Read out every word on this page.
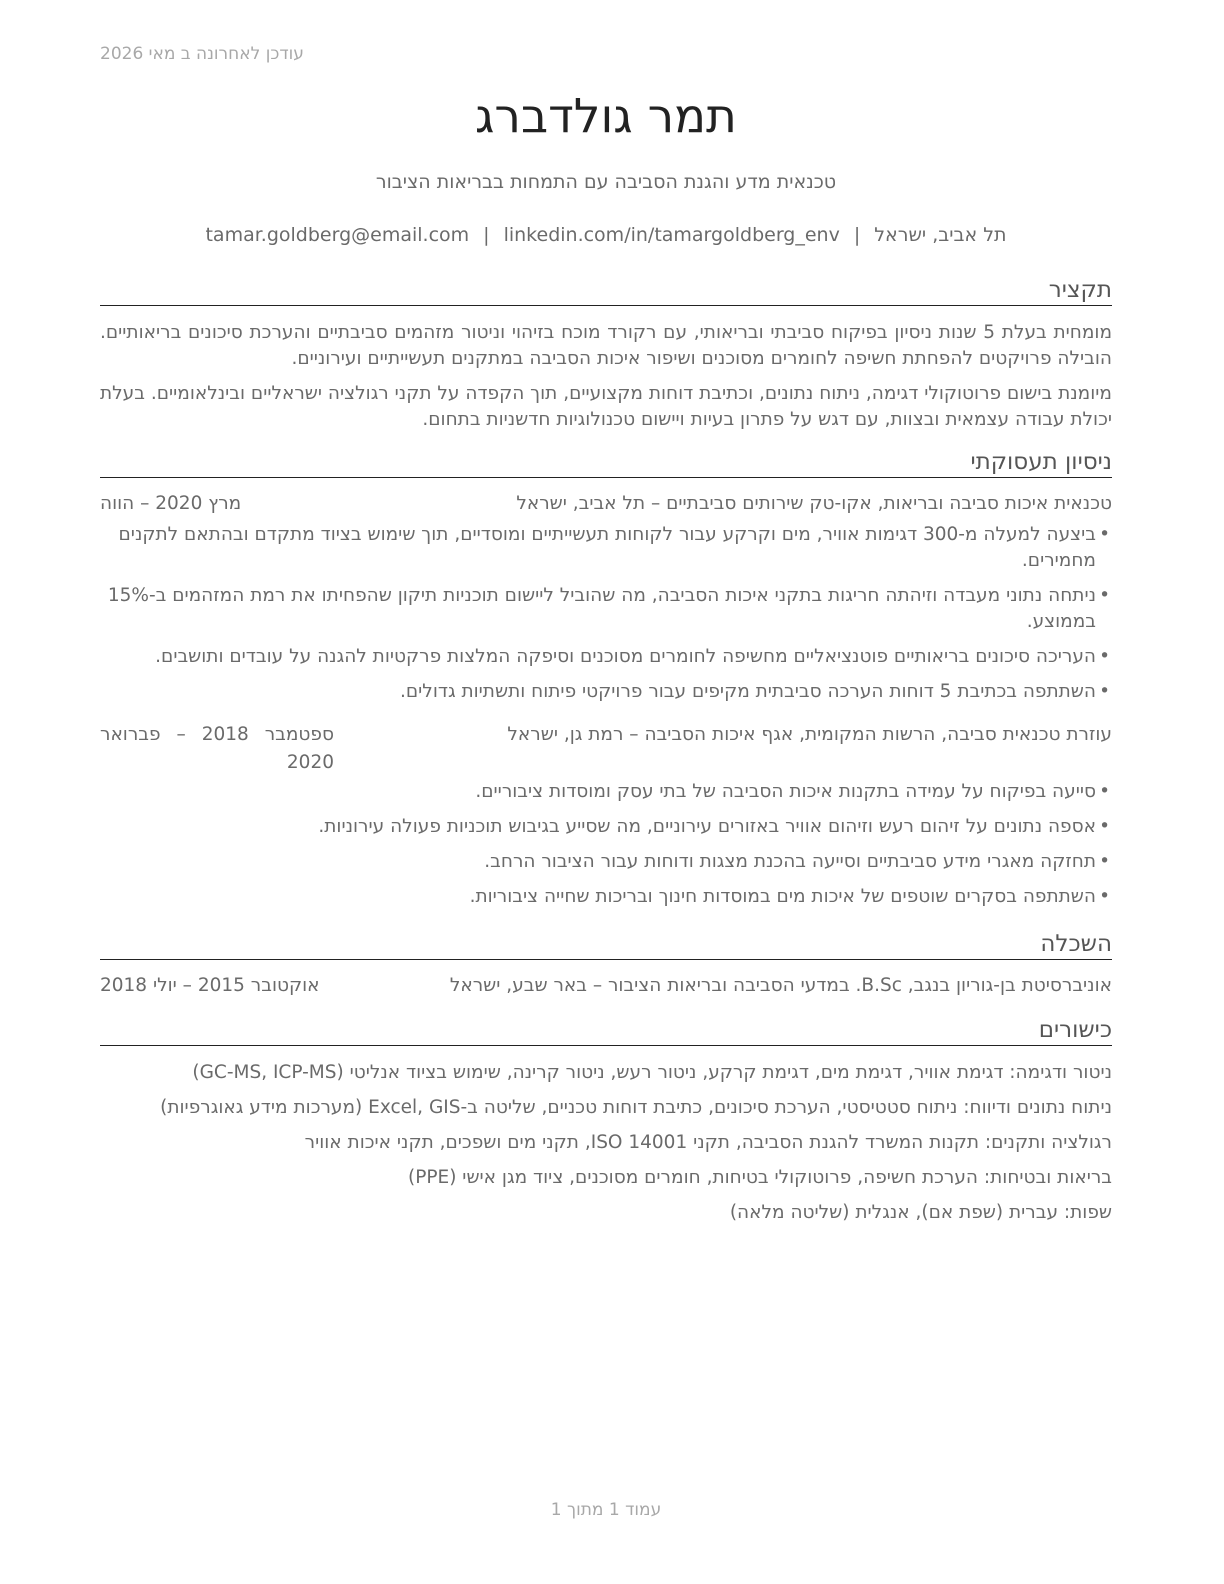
עודכן לאחרונה ב מאי 2026
תמר גולדברג
טכנאית מדע והגנת הסביבה עם התמחות בבריאות הציבור
תל אביב, ישראל|tamar.goldberg@email.com | linkedin.com/in/tamargoldberg_env
תקציר

מומחית בעלת 5 שנות ניסיון בפיקוח סביבתי ובריאותי, עם רקורד מוכח בזיהוי וניטור מזהמים סביבתיים והערכת סיכונים בריאותיים. הובילה פרויקטים להפחתת חשיפה לחומרים מסוכנים ושיפור איכות הסביבה במתקנים תעשייתיים ועירוניים.

מיומנת בישום פרוטוקולי דגימה, ניתוח נתונים, וכתיבת דוחות מקצועיים, תוך הקפדה על תקני רגולציה ישראליים ובינלאומיים. בעלת יכולת עבודה עצמאית ובצוות, עם דגש על פתרון בעיות ויישום טכנולוגיות חדשניות בתחום.

ניסיון תעסוקתי
טכנאית איכות סביבה ובריאות, אקו-טק שירותים סביבתיים – תל אביב, ישראל
מרץ 2020 – הווה
•
ביצעה למעלה מ-300 דגימות אוויר, מים וקרקע עבור לקוחות תעשייתיים ומוסדיים, תוך שימוש בציוד מתקדם ובהתאם לתקנים מחמירים.
•
ניתחה נתוני מעבדה וזיהתה חריגות בתקני איכות הסביבה, מה שהוביל ליישום תוכניות תיקון שהפחיתו את רמת המזהמים ב-15% בממוצע.
•
העריכה סיכונים בריאותיים פוטנציאליים מחשיפה לחומרים מסוכנים וסיפקה המלצות פרקטיות להגנה על עובדים ותושבים.
•
השתתפה בכתיבת 5 דוחות הערכה סביבתית מקיפים עבור פרויקטי פיתוח ותשתיות גדולים.
עוזרת טכנאית סביבה, הרשות המקומית, אגף איכות הסביבה – רמת גן, ישראל
ספטמבר 2018 – פברואר 2020
•
סייעה בפיקוח על עמידה בתקנות איכות הסביבה של בתי עסק ומוסדות ציבוריים.
•
אספה נתונים על זיהום רעש וזיהום אוויר באזורים עירוניים, מה שסייע בגיבוש תוכניות פעולה עירוניות.
•
תחזקה מאגרי מידע סביבתיים וסייעה בהכנת מצגות ודוחות עבור הציבור הרחב.
•
השתתפה בסקרים שוטפים של איכות מים במוסדות חינוך ובריכות שחייה ציבוריות.
השכלה
אוניברסיטת בן-גוריון בנגב, B.Sc. במדעי הסביבה ובריאות הציבור – באר שבע, ישראל
אוקטובר 2015 – יולי 2018
כישורים

ניטור ודגימה: דגימת אוויר, דגימת מים, דגימת קרקע, ניטור רעש, ניטור קרינה, שימוש בציוד אנליטי (GC-MS, ICP-MS)

ניתוח נתונים ודיווח: ניתוח סטטיסטי, הערכת סיכונים, כתיבת דוחות טכניים, שליטה ב-Excel, GIS (מערכות מידע גאוגרפיות)

רגולציה ותקנים: תקנות המשרד להגנת הסביבה, תקני ISO 14001, תקני מים ושפכים, תקני איכות אוויר

בריאות ובטיחות: הערכת חשיפה, פרוטוקולי בטיחות, חומרים מסוכנים, ציוד מגן אישי (PPE)

שפות: עברית (שפת אם), אנגלית (שליטה מלאה)

עמוד 1 מתוך 1
